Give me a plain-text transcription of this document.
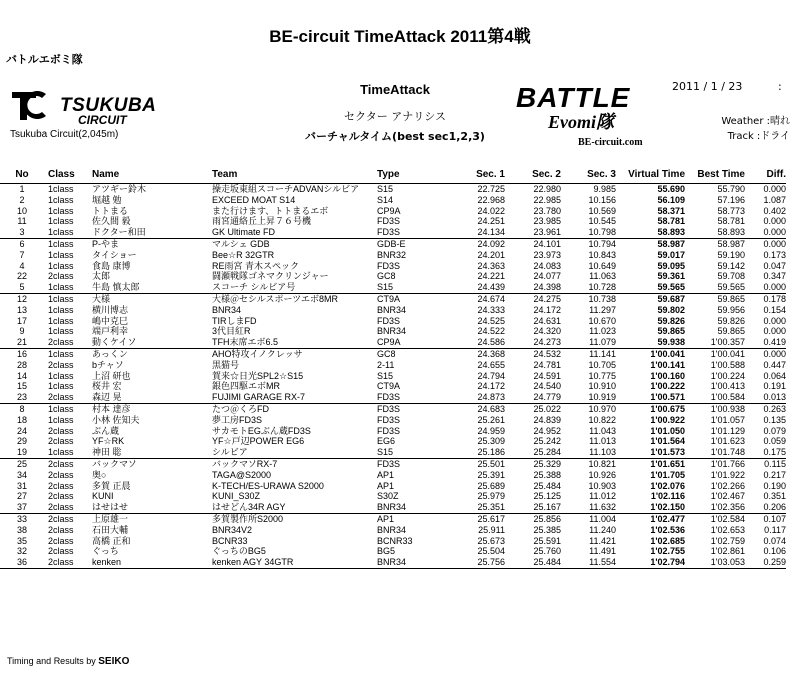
BE-circuit TimeAttack 2011第4戦
バトルエボミ隊
TSUKUBA
CIRCUIT
Tsukuba Circuit(2,045m)
TimeAttack
セクター アナリシス
バーチャルタイム(best sec1,2,3)
BATTLE
Evomi隊
BE-circuit.com
2011 / 1 / 23	:
Weather :晴れ
Track :ドライ
No	Class	Name	Team	Type	Sec. 1	Sec. 2	Sec. 3	Virtual Time	Best Time	Diff.
1	1class	アツギー鈴木	操走坂東組スコーチADVANシルビア	S15	22.725	22.980	9.985	55.690	55.790	0.000
2	1class	堀越 勉	EXCEED MOAT S14	S14	22.968	22.985	10.156	56.109	57.196	1.087
10	1class	トトまる	また行けます、トトまるエボ	CP9A	24.022	23.780	10.569	58.371	58.773	0.402
11	1class	佐久間 毅	雨宮通絡丘上昇７６号機	FD3S	24.251	23.985	10.545	58.781	58.781	0.000
3	1class	ドクター和田	GK Ultimate FD	FD3S	24.134	23.961	10.798	58.893	58.893	0.000
6	1class	P-やま	マルシェ GDB	GDB-E	24.092	24.101	10.794	58.987	58.987	0.000
7	1class	タイショー	Bee☆R 32GTR	BNR32	24.201	23.973	10.843	59.017	59.190	0.173
4	1class	食島 康博	RE雨宮 青木スペック	FD3S	24.363	24.083	10.649	59.095	59.142	0.047
22	2class	太郎	闘瀬戦隊ゴネマクリンジャー	GC8	24.221	24.077	11.063	59.361	59.708	0.347
5	1class	牛島 慎太郎	スコーチ シルビア号	S15	24.439	24.398	10.728	59.565	59.565	0.000
12	1class	大様	大様＠セシルスポーツエボ8MR	CT9A	24.674	24.275	10.738	59.687	59.865	0.178
13	1class	横川博志	BNR34	BNR34	24.333	24.172	11.297	59.802	59.956	0.154
17	1class	嶋中克巳	TIRしまFD	FD3S	24.525	24.631	10.670	59.826	59.826	0.000
9	1class	端戸利幸	3代目紅R	BNR34	24.522	24.320	11.023	59.865	59.865	0.000
21	2class	動くケイソ	TFH末席エボ6.5	CP9A	24.586	24.273	11.079	59.938	1'00.357	0.419
16	1class	あっくン	AHO特攻イノクレッサ	GC8	24.368	24.532	11.141	1'00.041	1'00.041	0.000
28	2class	bチャソ	黒猫号	2-11	24.655	24.781	10.705	1'00.141	1'00.588	0.447
14	1class	上沼 研也	賀来☆日光SPL2☆S15	S15	24.794	24.591	10.775	1'00.160	1'00.224	0.064
15	1class	桜井 宏	銀色四駆エボMR	CT9A	24.172	24.540	10.910	1'00.222	1'00.413	0.191
23	2class	森辺 晃	FUJIMI GARAGE RX-7	FD3S	24.873	24.779	10.919	1'00.571	1'00.584	0.013
8	1class	村本 達彦	たつ＠くろFD	FD3S	24.683	25.022	10.970	1'00.675	1'00.938	0.263
18	1class	小林 佐知夫	夢工房FD3S	FD3S	25.261	24.839	10.822	1'00.922	1'01.057	0.135
24	2class	ぶん蔵	サカモトEGぶん蔵FD3S	FD3S	24.959	24.952	11.043	1'01.050	1'01.129	0.079
29	2class	YF☆RK	YF☆戸辺POWER EG6	EG6	25.309	25.242	11.013	1'01.564	1'01.623	0.059
19	1class	神田 聡	シルビア	S15	25.186	25.284	11.103	1'01.573	1'01.748	0.175
25	2class	バックマソ	バックマソRX-7	FD3S	25.501	25.329	10.821	1'01.651	1'01.766	0.115
34	2class	奥○	TAGA@S2000	AP1	25.391	25.388	10.926	1'01.705	1'01.922	0.217
31	2class	多賀 正晨	K-TECH/ES-URAWA S2000	AP1	25.689	25.484	10.903	1'02.076	1'02.266	0.190
27	2class	KUNI	KUNI_S30Z	S30Z	25.979	25.125	11.012	1'02.116	1'02.467	0.351
37	2class	はせはせ	はせどん34R AGY	BNR34	25.351	25.167	11.632	1'02.150	1'02.356	0.206
33	2class	上原雄一	多賀製作所S2000	AP1	25.617	25.856	11.004	1'02.477	1'02.584	0.107
38	2class	石田大輔	BNR34V2	BNR34	25.911	25.385	11.240	1'02.536	1'02.653	0.117
35	2class	高橋 正和	BCNR33	BCNR33	25.673	25.591	11.421	1'02.685	1'02.759	0.074
32	2class	ぐっち	ぐっちのBG5	BG5	25.504	25.760	11.491	1'02.755	1'02.861	0.106
36	2class	kenken	kenken AGY 34GTR	BNR34	25.756	25.484	11.554	1'02.794	1'03.053	0.259
Timing and Results by SEIKO
